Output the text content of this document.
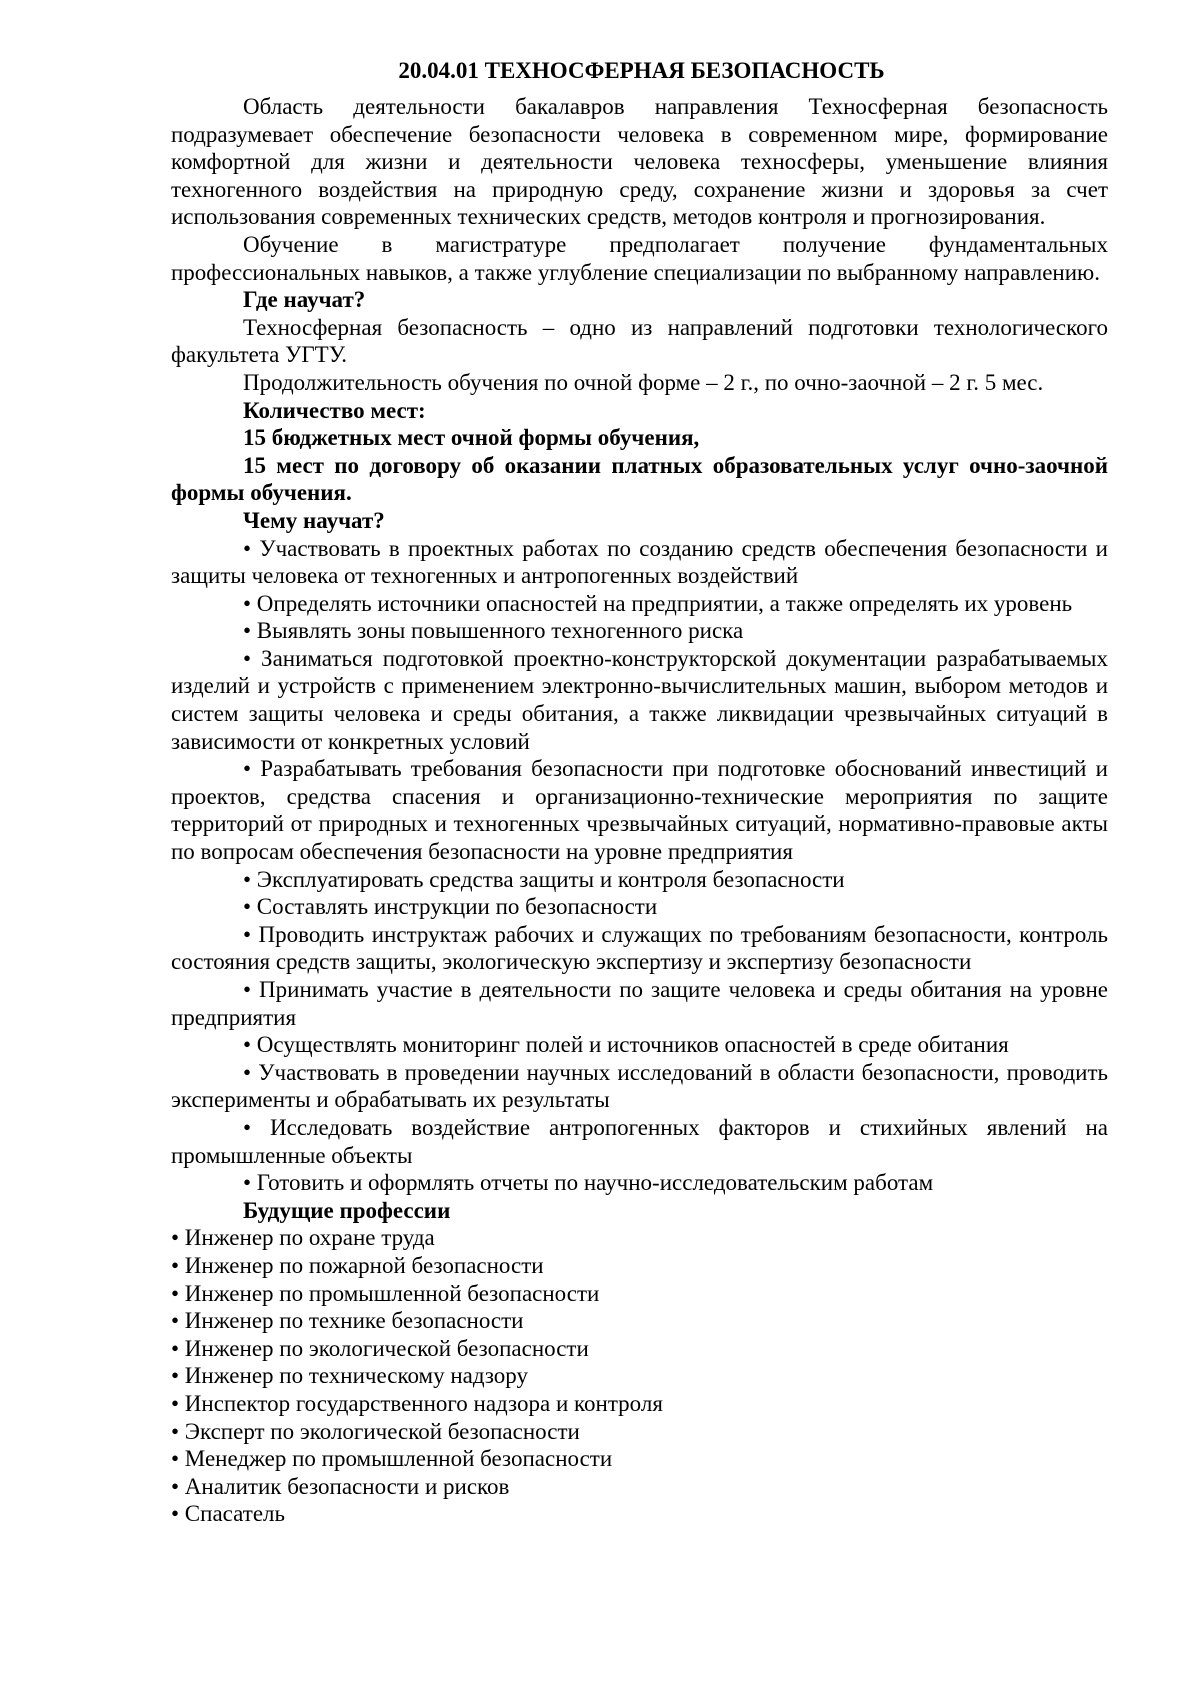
20.04.01 ТЕХНОСФЕРНАЯ БЕЗОПАСНОСТЬ

Область деятельности бакалавров направления Техносферная безопасность подразумевает обеспечение безопасности человека в современном мире, формирование комфортной для жизни и деятельности человека техносферы, уменьшение влияния техногенного воздействия на природную среду, сохранение жизни и здоровья за счет использования современных технических средств, методов контроля и прогнозирования.

Обучение в магистратуре предполагает получение фундаментальных профессиональных навыков, а также углубление специализации по выбранному направлению.

Где научат?

Техносферная безопасность – одно из направлений подготовки технологического факультета УГТУ.

Продолжительность обучения по очной форме – 2 г., по очно-заочной – 2 г. 5 мес.

Количество мест:

15 бюджетных мест очной формы обучения,

15 мест по договору об оказании платных образовательных услуг очно-заочной формы обучения.

Чему научат?

• Участвовать в проектных работах по созданию средств обеспечения безопасности и защиты человека от техногенных и антропогенных воздействий

• Определять источники опасностей на предприятии, а также определять их уровень

• Выявлять зоны повышенного техногенного риска

• Заниматься подготовкой проектно-конструкторской документации разрабатываемых изделий и устройств с применением электронно-вычислительных машин, выбором методов и систем защиты человека и среды обитания, а также ликвидации чрезвычайных ситуаций в зависимости от конкретных условий

• Разрабатывать требования безопасности при подготовке обоснований инвестиций и проектов, средства спасения и организационно-технические мероприятия по защите территорий от природных и техногенных чрезвычайных ситуаций, нормативно-правовые акты по вопросам обеспечения безопасности на уровне предприятия

• Эксплуатировать средства защиты и контроля безопасности

• Составлять инструкции по безопасности

• Проводить инструктаж рабочих и служащих по требованиям безопасности, контроль состояния средств защиты, экологическую экспертизу и экспертизу безопасности

• Принимать участие в деятельности по защите человека и среды обитания на уровне предприятия

• Осуществлять мониторинг полей и источников опасностей в среде обитания

• Участвовать в проведении научных исследований в области безопасности, проводить эксперименты и обрабатывать их результаты

• Исследовать воздействие антропогенных факторов и стихийных явлений на промышленные объекты

• Готовить и оформлять отчеты по научно-исследовательским работам

Будущие профессии

• Инженер по охране труда
• Инженер по пожарной безопасности
• Инженер по промышленной безопасности
• Инженер по технике безопасности
• Инженер по экологической безопасности
• Инженер по техническому надзору
• Инспектор государственного надзора и контроля
• Эксперт по экологической безопасности
• Менеджер по промышленной безопасности
• Аналитик безопасности и рисков
• Спасатель
